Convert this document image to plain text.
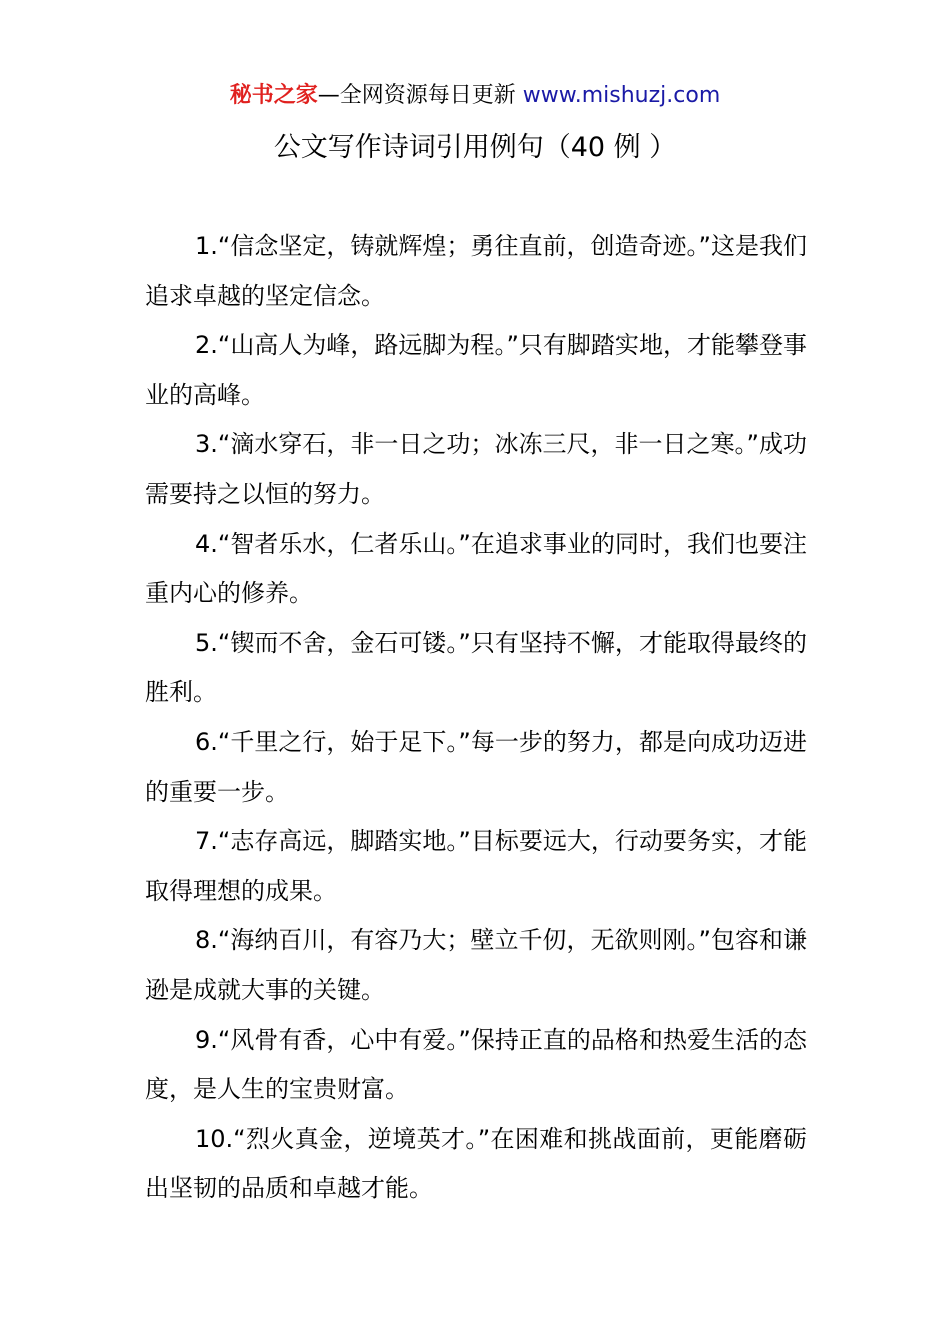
秘书之家—全网资源每日更新 www.mishuzj.com
公文写作诗词引用例句（40 例 ）

1.“信念坚定，铸就辉煌；勇往直前，创造奇迹。”这是我们追求卓越的坚定信念。

2.“山高人为峰，路远脚为程。”只有脚踏实地，才能攀登事业的高峰。

3.“滴水穿石，非一日之功；冰冻三尺，非一日之寒。”成功需要持之以恒的努力。

4.“智者乐水，仁者乐山。”在追求事业的同时，我们也要注重内心的修养。

5.“锲而不舍，金石可镂。”只有坚持不懈，才能取得最终的胜利。

6.“千里之行，始于足下。”每一步的努力，都是向成功迈进的重要一步。

7.“志存高远，脚踏实地。”目标要远大，行动要务实，才能取得理想的成果。

8.“海纳百川，有容乃大；壁立千仞，无欲则刚。”包容和谦逊是成就大事的关键。

9.“风骨有香，心中有爱。”保持正直的品格和热爱生活的态度，是人生的宝贵财富。

10.“烈火真金，逆境英才。”在困难和挑战面前，更能磨砺出坚韧的品质和卓越才能。
